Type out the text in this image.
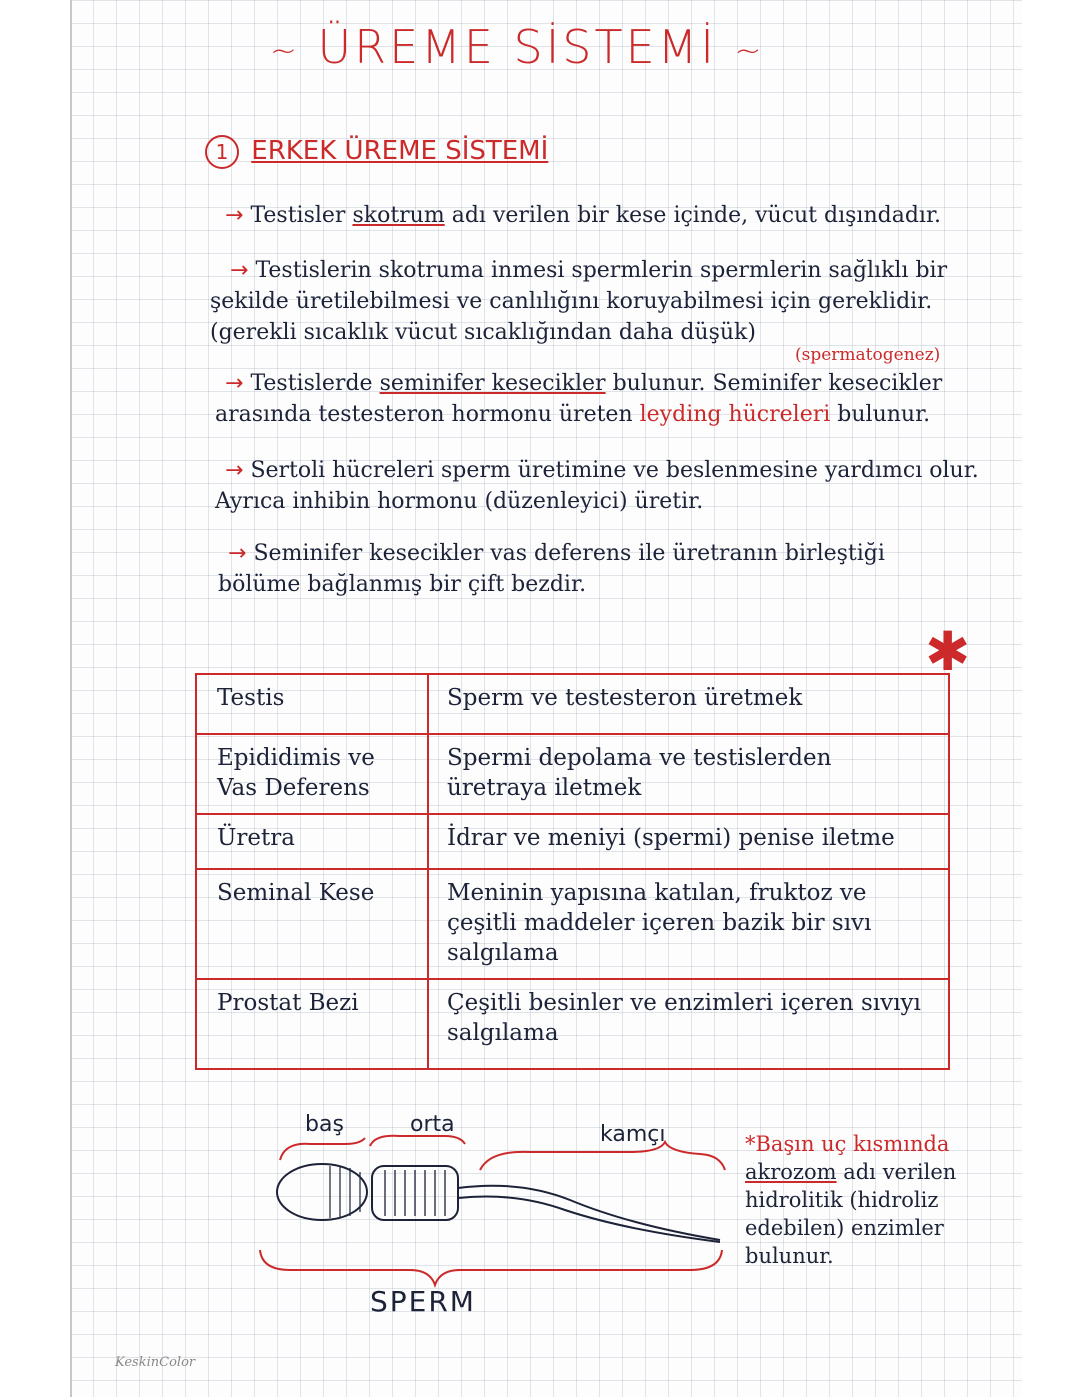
~ ÜREME SİSTEMİ ~
1 ERKEK ÜREME SİSTEMİ
→ Testisler skotrum adı verilen bir kese içinde, vücut dışındadır.
→ Testislerin skotruma inmesi spermlerin spermlerin sağlıklı bir
şekilde üretilebilmesi ve canlılığını koruyabilmesi için gereklidir.
(gerekli sıcaklık vücut sıcaklığından daha düşük)
(spermatogenez)
→ Testislerde seminifer kesecikler bulunur. Seminifer kesecikler
arasında testesteron hormonu üreten leyding hücreleri bulunur.
→ Sertoli hücreleri sperm üretimine ve beslenmesine yardımcı olur.
Ayrıca inhibin hormonu (düzenleyici) üretir.
→ Seminifer kesecikler vas deferens ile üretranın birleştiği
bölüme bağlanmış bir çift bezdir.
✱
Testis	Sperm ve testesteron üretmek
Epididimis ve Vas Deferens	Spermi depolama ve testislerden üretraya iletmek
Üretra	İdrar ve meniyi (spermi) penise iletme
Seminal Kese	Meninin yapısına katılan, fruktoz ve çeşitli maddeler içeren bazik bir sıvı salgılama
Prostat Bezi	Çeşitli besinler ve enzimleri içeren sıvıyı salgılama
baş	orta	kamçı
SPERM
*Başın uç kısmında
akrozom adı verilen
hidrolitik (hidroliz
edebilen) enzimler
bulunur.
KeskinColor
